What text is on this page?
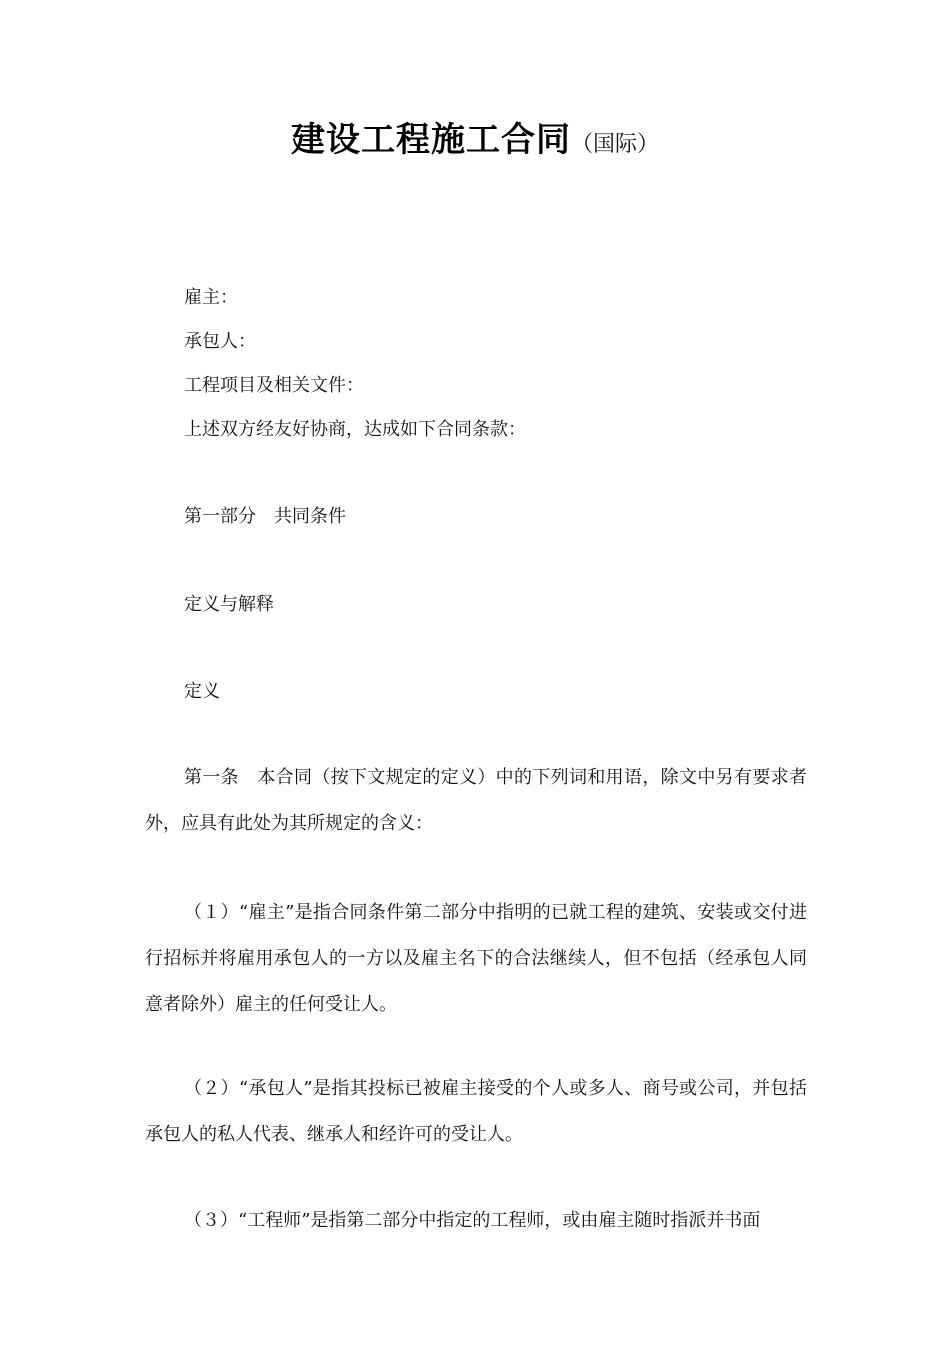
建设工程施工合同（国际）
雇主：
承包人：
工程项目及相关文件：
上述双方经友好协商，达成如下合同条款：
第一部分　共同条件
定义与解释
定义
第一条　本合同（按下文规定的定义）中的下列词和用语，除文中另有要求者外，应具有此处为其所规定的含义：
（１）“雇主”是指合同条件第二部分中指明的已就工程的建筑、安装或交付进行招标并将雇用承包人的一方以及雇主名下的合法继续人，但不包括（经承包人同意者除外）雇主的任何受让人。
（２）“承包人”是指其投标已被雇主接受的个人或多人、商号或公司，并包括承包人的私人代表、继承人和经许可的受让人。
（３）“工程师”是指第二部分中指定的工程师，或由雇主随时指派并书面
